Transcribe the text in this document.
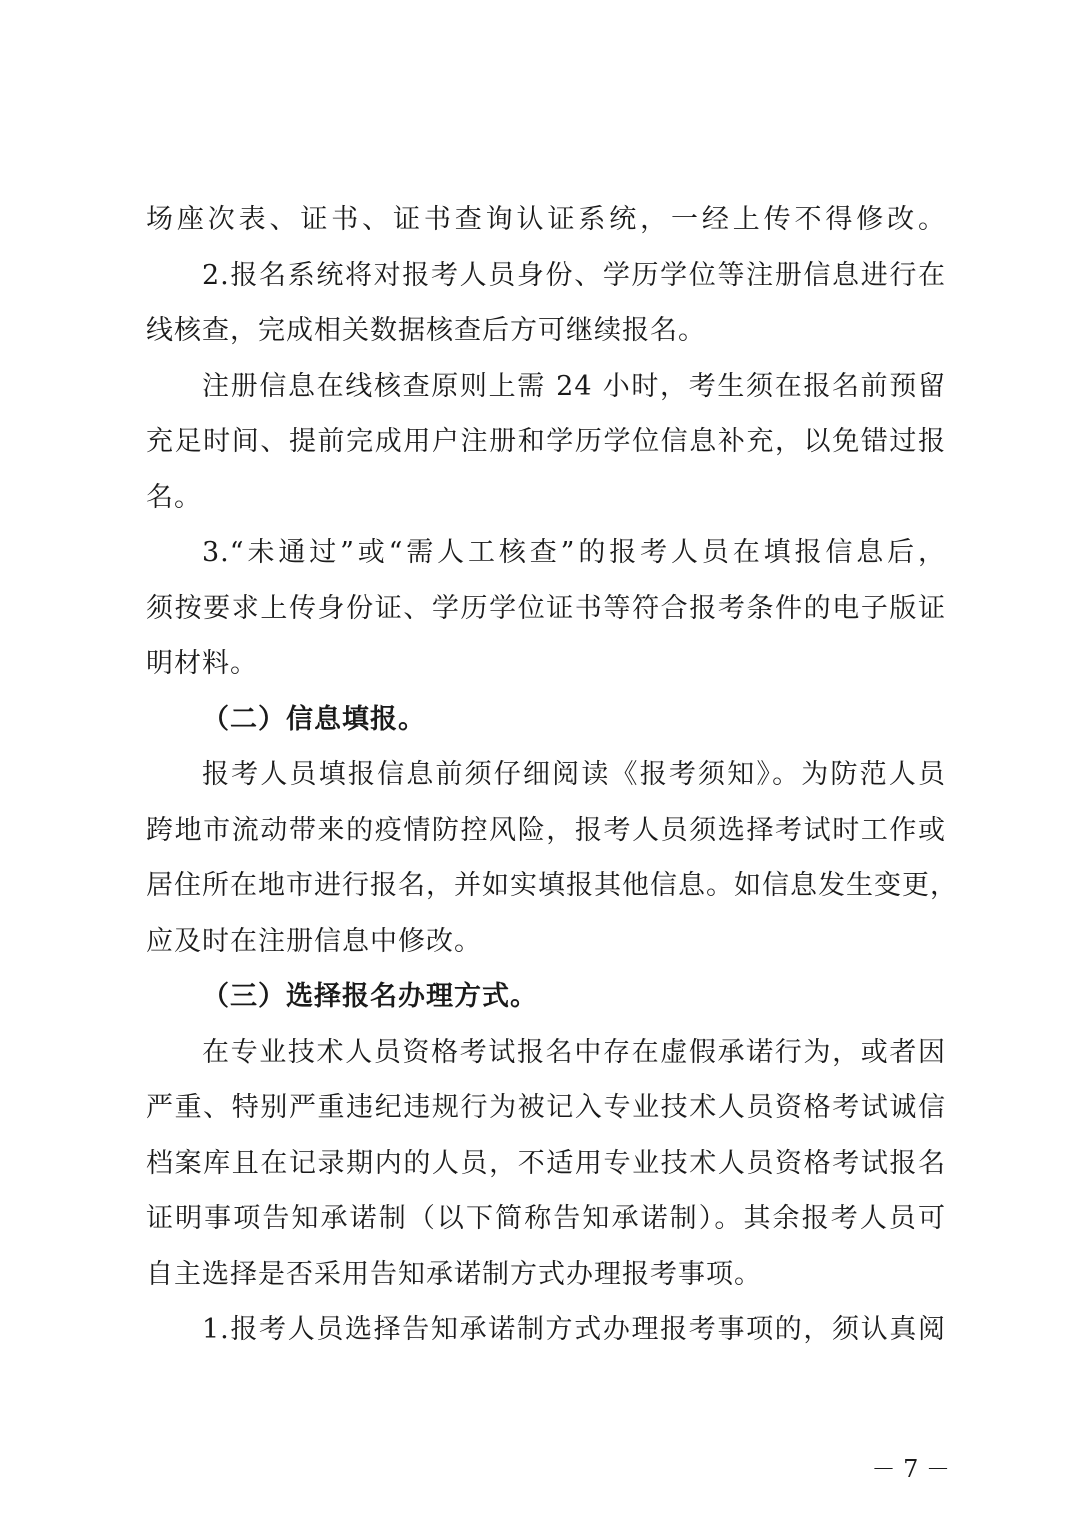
场座次表、证书、证书查询认证系统，一经上传不得修改。
2.报名系统将对报考人员身份、学历学位等注册信息进行在
线核查，完成相关数据核查后方可继续报名。
注册信息在线核查原则上需 24 小时，考生须在报名前预留
充足时间、提前完成用户注册和学历学位信息补充，以免错过报
名。
3.“未通过”或“需人工核查”的报考人员在填报信息后，
须按要求上传身份证、学历学位证书等符合报考条件的电子版证
明材料。
（二）信息填报。
报考人员填报信息前须仔细阅读《报考须知》。为防范人员
跨地市流动带来的疫情防控风险，报考人员须选择考试时工作或
居住所在地市进行报名，并如实填报其他信息。如信息发生变更，
应及时在注册信息中修改。
（三）选择报名办理方式。
在专业技术人员资格考试报名中存在虚假承诺行为，或者因
严重、特别严重违纪违规行为被记入专业技术人员资格考试诚信
档案库且在记录期内的人员，不适用专业技术人员资格考试报名
证明事项告知承诺制（以下简称告知承诺制）。其余报考人员可
自主选择是否采用告知承诺制方式办理报考事项。
1.报考人员选择告知承诺制方式办理报考事项的，须认真阅
－ 7 －
